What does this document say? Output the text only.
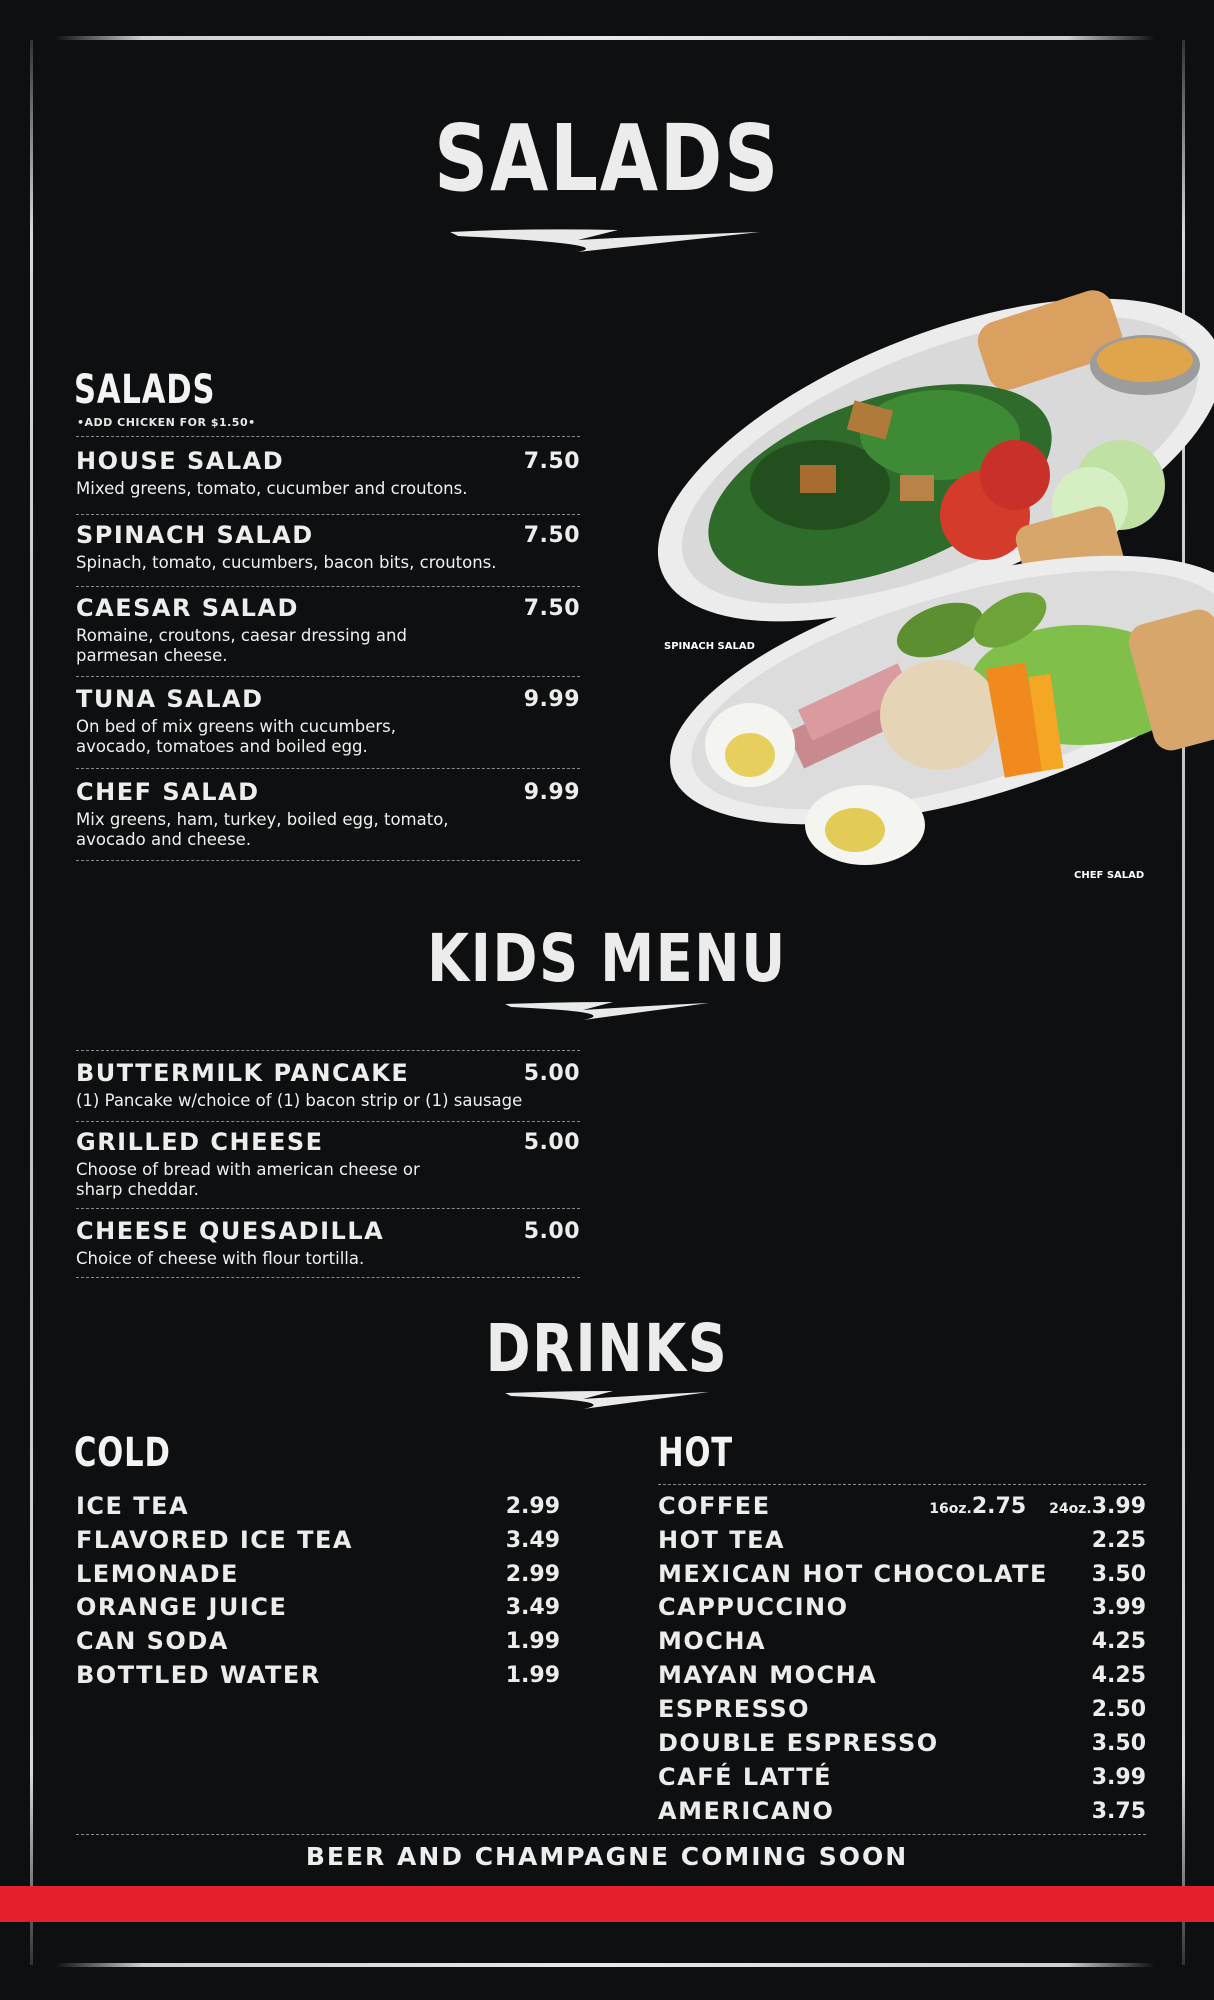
SALADS
SALADS
•ADD CHICKEN FOR $1.50•
HOUSE SALAD	7.50
Mixed greens, tomato, cucumber and croutons.
SPINACH SALAD	7.50
Spinach, tomato, cucumbers, bacon bits, croutons.
CAESAR SALAD	7.50
Romaine, croutons, caesar dressing and parmesan cheese.
TUNA SALAD	9.99
On bed of mix greens with cucumbers, avocado, tomatoes and boiled egg.
CHEF SALAD	9.99
Mix greens, ham, turkey, boiled egg, tomato, avocado and cheese.
SPINACH SALAD
CHEF SALAD
KIDS MENU
BUTTERMILK PANCAKE	5.00
(1) Pancake w/choice of (1) bacon strip or (1) sausage
GRILLED CHEESE	5.00
Choose of bread with american cheese or sharp cheddar.
CHEESE QUESADILLA	5.00
Choice of cheese with flour tortilla.
DRINKS
COLD	HOT
ICE TEA	2.99
FLAVORED ICE TEA	3.49
LEMONADE	2.99
ORANGE JUICE	3.49
CAN SODA	1.99
BOTTLED WATER	1.99
COFFEE	16oz.2.75 24oz.3.99
HOT TEA	2.25
MEXICAN HOT CHOCOLATE 3.50
CAPPUCCINO	3.99
MOCHA	4.25
MAYAN MOCHA	4.25
ESPRESSO	2.50
DOUBLE ESPRESSO	3.50
CAFÉ LATTÉ	3.99
AMERICANO	3.75
BEER AND CHAMPAGNE COMING SOON
